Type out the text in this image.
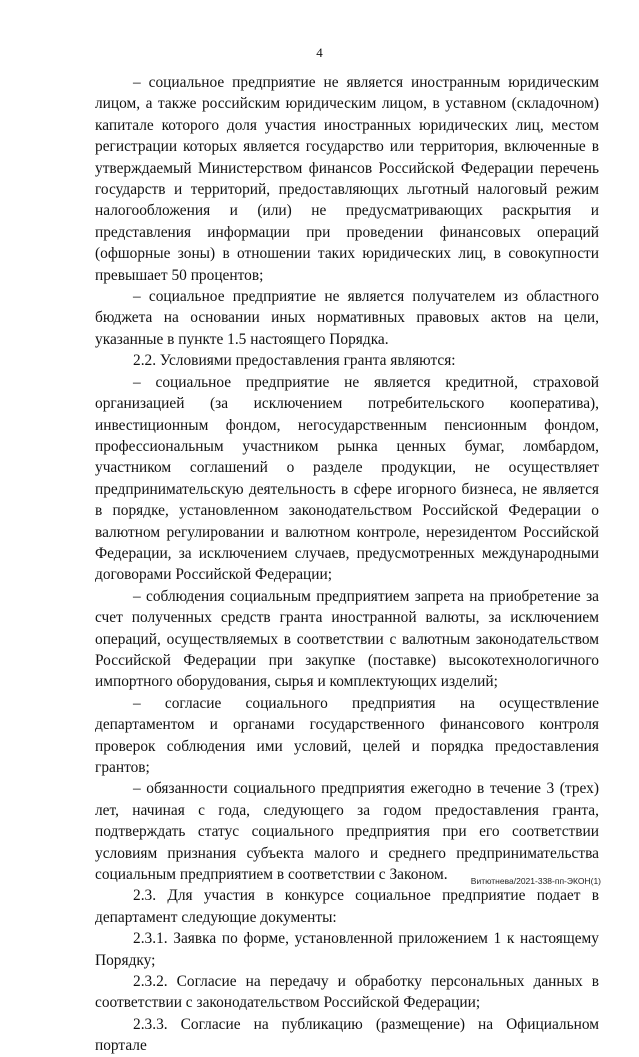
4

– социальное предприятие не является иностранным юридическим лицом, а также российским юридическим лицом, в уставном (складочном) капитале которого доля участия иностранных юридических лиц, местом регистрации которых является государство или территория, включенные в утверждаемый Министерством финансов Российской Федерации перечень государств и территорий, предоставляющих льготный налоговый режим налогообложения и (или) не предусматривающих раскрытия и представления информации при проведении финансовых операций (офшорные зоны) в отношении таких юридических лиц, в совокупности превышает 50 процентов;

– социальное предприятие не является получателем из областного бюджета на основании иных нормативных правовых актов на цели, указанные в пункте 1.5 настоящего Порядка.

2.2. Условиями предоставления гранта являются:

– социальное предприятие не является кредитной, страховой организацией (за исключением потребительского кооператива), инвестиционным фондом, негосударственным пенсионным фондом, профессиональным участником рынка ценных бумаг, ломбардом, участником соглашений о разделе продукции, не осуществляет предпринимательскую деятельность в сфере игорного бизнеса, не является в порядке, установленном законодательством Российской Федерации о валютном регулировании и валютном контроле, нерезидентом Российской Федерации, за исключением случаев, предусмотренных международными договорами Российской Федерации;

– соблюдения социальным предприятием запрета на приобретение за счет полученных средств гранта иностранной валюты, за исключением операций, осуществляемых в соответствии с валютным законодательством Российской Федерации при закупке (поставке) высокотехнологичного импортного оборудования, сырья и комплектующих изделий;

– согласие социального предприятия на осуществление департаментом и органами государственного финансового контроля проверок соблюдения ими условий, целей и порядка предоставления грантов;

– обязанности социального предприятия ежегодно в течение 3 (трех) лет, начиная с года, следующего за годом предоставления гранта, подтверждать статус социального предприятия при его соответствии условиям признания субъекта малого и среднего предпринимательства социальным предприятием в соответствии с Законом.

2.3. Для участия в конкурсе социальное предприятие подает в департамент следующие документы:

2.3.1. Заявка по форме, установленной приложением 1 к настоящему Порядку;

2.3.2. Согласие на передачу и обработку персональных данных в соответствии с законодательством Российской Федерации;

2.3.3. Согласие на публикацию (размещение) на Официальном портале

Витютнева/2021-338-пп-ЭКОН(1)
